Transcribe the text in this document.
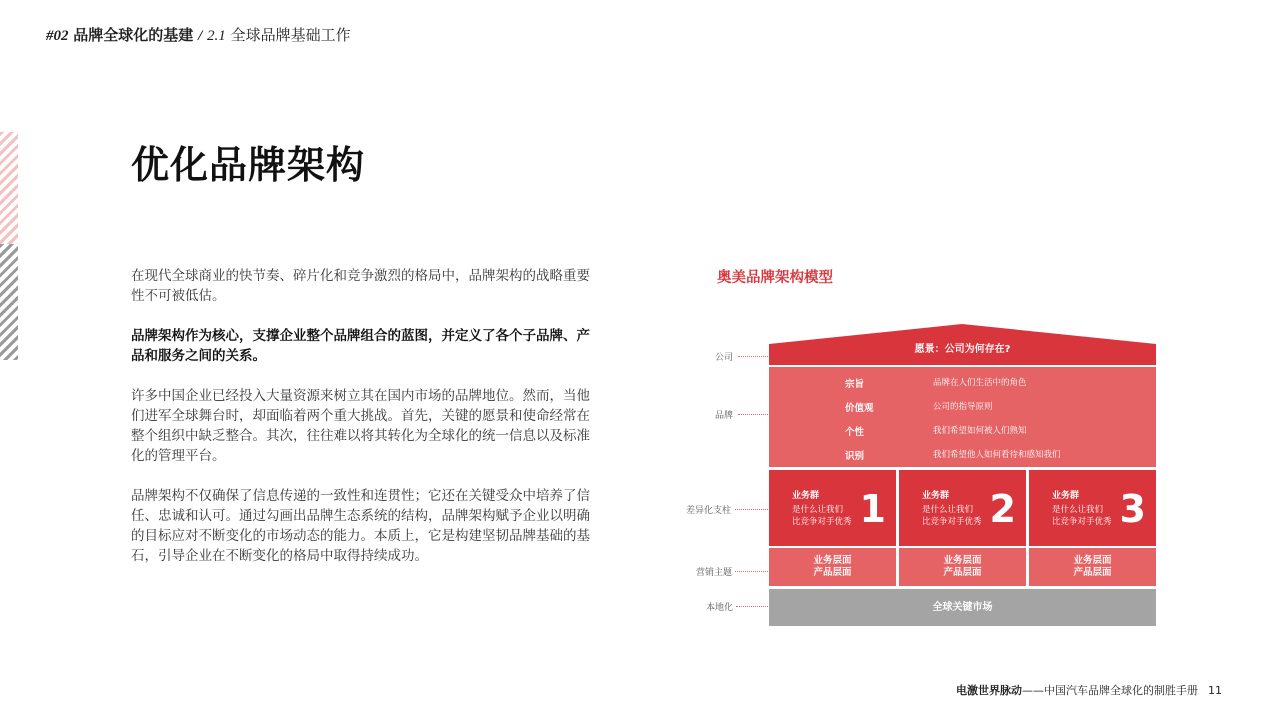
#02 品牌全球化的基建 / 2.1 全球品牌基础工作
优化品牌架构

在现代全球商业的快节奏、碎片化和竞争激烈的格局中，品牌架构的战略重要性不可被低估。

品牌架构作为核心，支撑企业整个品牌组合的蓝图，并定义了各个子品牌、产品和服务之间的关系。

许多中国企业已经投入大量资源来树立其在国内市场的品牌地位。然而，当他们进军全球舞台时，却面临着两个重大挑战。首先，关键的愿景和使命经常在整个组织中缺乏整合。其次，往往难以将其转化为全球化的统一信息以及标准化的管理平台。

品牌架构不仅确保了信息传递的一致性和连贯性；它还在关键受众中培养了信任、忠诚和认可。通过勾画出品牌生态系统的结构，品牌架构赋予企业以明确的目标应对不断变化的市场动态的能力。本质上，它是构建坚韧品牌基础的基石，引导企业在不断变化的格局中取得持续成功。

奥美品牌架构模型
公司
品牌
差异化支柱
营销主题
本地化
愿景：公司为何存在?
宗旨	品牌在人们生活中的角色
价值观	公司的指导原则
个性	我们希望如何被人们熟知
识别	我们希望他人如何看待和感知我们
业务群
是什么让我们
比竞争对手优秀 1	业务群
是什么让我们
比竞争对手优秀 2	业务群
是什么让我们
比竞争对手优秀 3
业务层面
产品层面
业务层面
产品层面
业务层面
产品层面
全球关键市场
电激世界脉动——中国汽车品牌全球化的制胜手册 11
